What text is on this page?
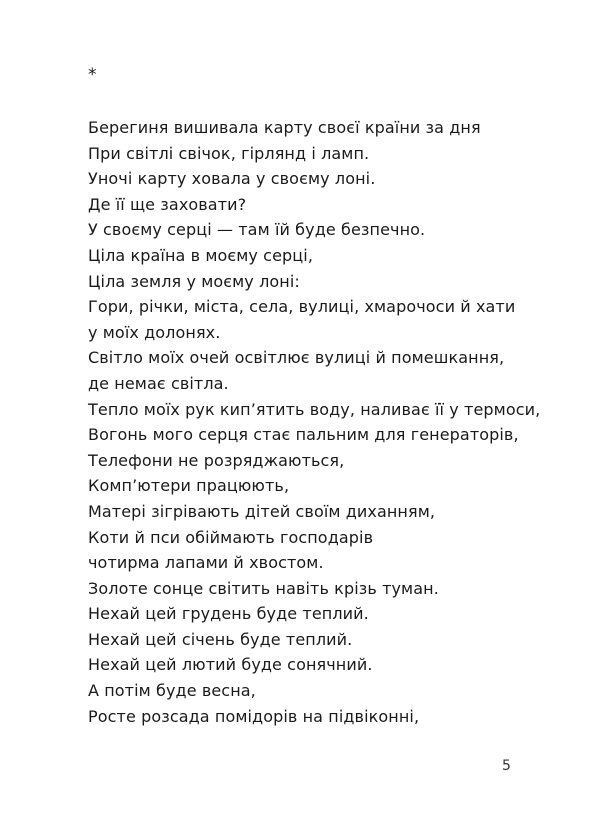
*

Берегиня вишивала карту своєї країни за дня
При світлі свічок, гірлянд і ламп.
Уночі карту ховала у своєму лоні.
Де її ще заховати?
У своєму серці — там їй буде безпечно.
Ціла країна в моєму серці,
Ціла земля у моєму лоні:
Гори, річки, міста, села, вулиці, хмарочоси й хати
у моїх долонях.
Світло моїх очей освітлює вулиці й помешкання,
де немає світла.
Тепло моїх рук кип’ятить воду, наливає її у термоси,
Вогонь мого серця стає пальним для генераторів,
Телефони не розряджаються,
Комп’ютери працюють,
Матері зігрівають дітей своїм диханням,
Коти й пси обіймають господарів
чотирма лапами й хвостом.
Золоте сонце світить навіть крізь туман.
Нехай цей грудень буде теплий.
Нехай цей січень буде теплий.
Нехай цей лютий буде сонячний.
А потім буде весна,
Росте розсада помідорів на підвіконні,
5
